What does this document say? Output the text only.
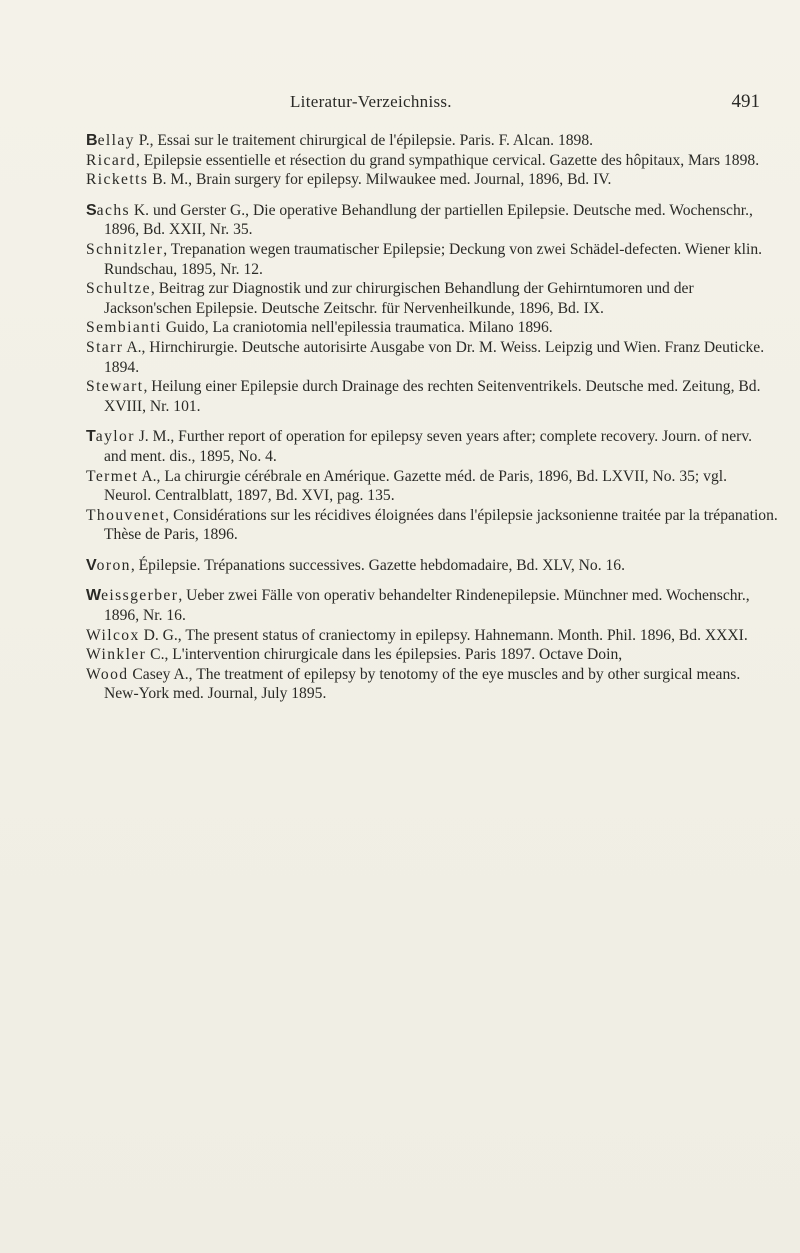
Literatur-Verzeichniss.	491

Bellay P., Essai sur le traitement chirurgical de l'épilepsie. Paris. F. Alcan. 1898.

Ricard, Epilepsie essentielle et résection du grand sympathique cervical. Gazette des hôpitaux, Mars 1898.

Ricketts B. M., Brain surgery for epilepsy. Milwaukee med. Journal, 1896, Bd. IV.

Sachs K. und Gerster G., Die operative Behandlung der partiellen Epilepsie. Deutsche med. Wochenschr., 1896, Bd. XXII, Nr. 35.

Schnitzler, Trepanation wegen traumatischer Epilepsie; Deckung von zwei Schädel-defecten. Wiener klin. Rundschau, 1895, Nr. 12.

Schultze, Beitrag zur Diagnostik und zur chirurgischen Behandlung der Gehirntumoren und der Jackson'schen Epilepsie. Deutsche Zeitschr. für Nervenheilkunde, 1896, Bd. IX.

Sembianti Guido, La craniotomia nell'epilessia traumatica. Milano 1896.

Starr A., Hirnchirurgie. Deutsche autorisirte Ausgabe von Dr. M. Weiss. Leipzig und Wien. Franz Deuticke. 1894.

Stewart, Heilung einer Epilepsie durch Drainage des rechten Seitenventrikels. Deutsche med. Zeitung, Bd. XVIII, Nr. 101.

Taylor J. M., Further report of operation for epilepsy seven years after; complete recovery. Journ. of nerv. and ment. dis., 1895, No. 4.

Termet A., La chirurgie cérébrale en Amérique. Gazette méd. de Paris, 1896, Bd. LXVII, No. 35; vgl. Neurol. Centralblatt, 1897, Bd. XVI, pag. 135.

Thouvenet, Considérations sur les récidives éloignées dans l'épilepsie jacksonienne traitée par la trépanation. Thèse de Paris, 1896.

Voron, Épilepsie. Trépanations successives. Gazette hebdomadaire, Bd. XLV, No. 16.

Weissgerber, Ueber zwei Fälle von operativ behandelter Rindenepilepsie. Münchner med. Wochenschr., 1896, Nr. 16.

Wilcox D. G., The present status of craniectomy in epilepsy. Hahnemann. Month. Phil. 1896, Bd. XXXI.

Winkler C., L'intervention chirurgicale dans les épilepsies. Paris 1897. Octave Doin,

Wood Casey A., The treatment of epilepsy by tenotomy of the eye muscles and by other surgical means. New-York med. Journal, July 1895.
